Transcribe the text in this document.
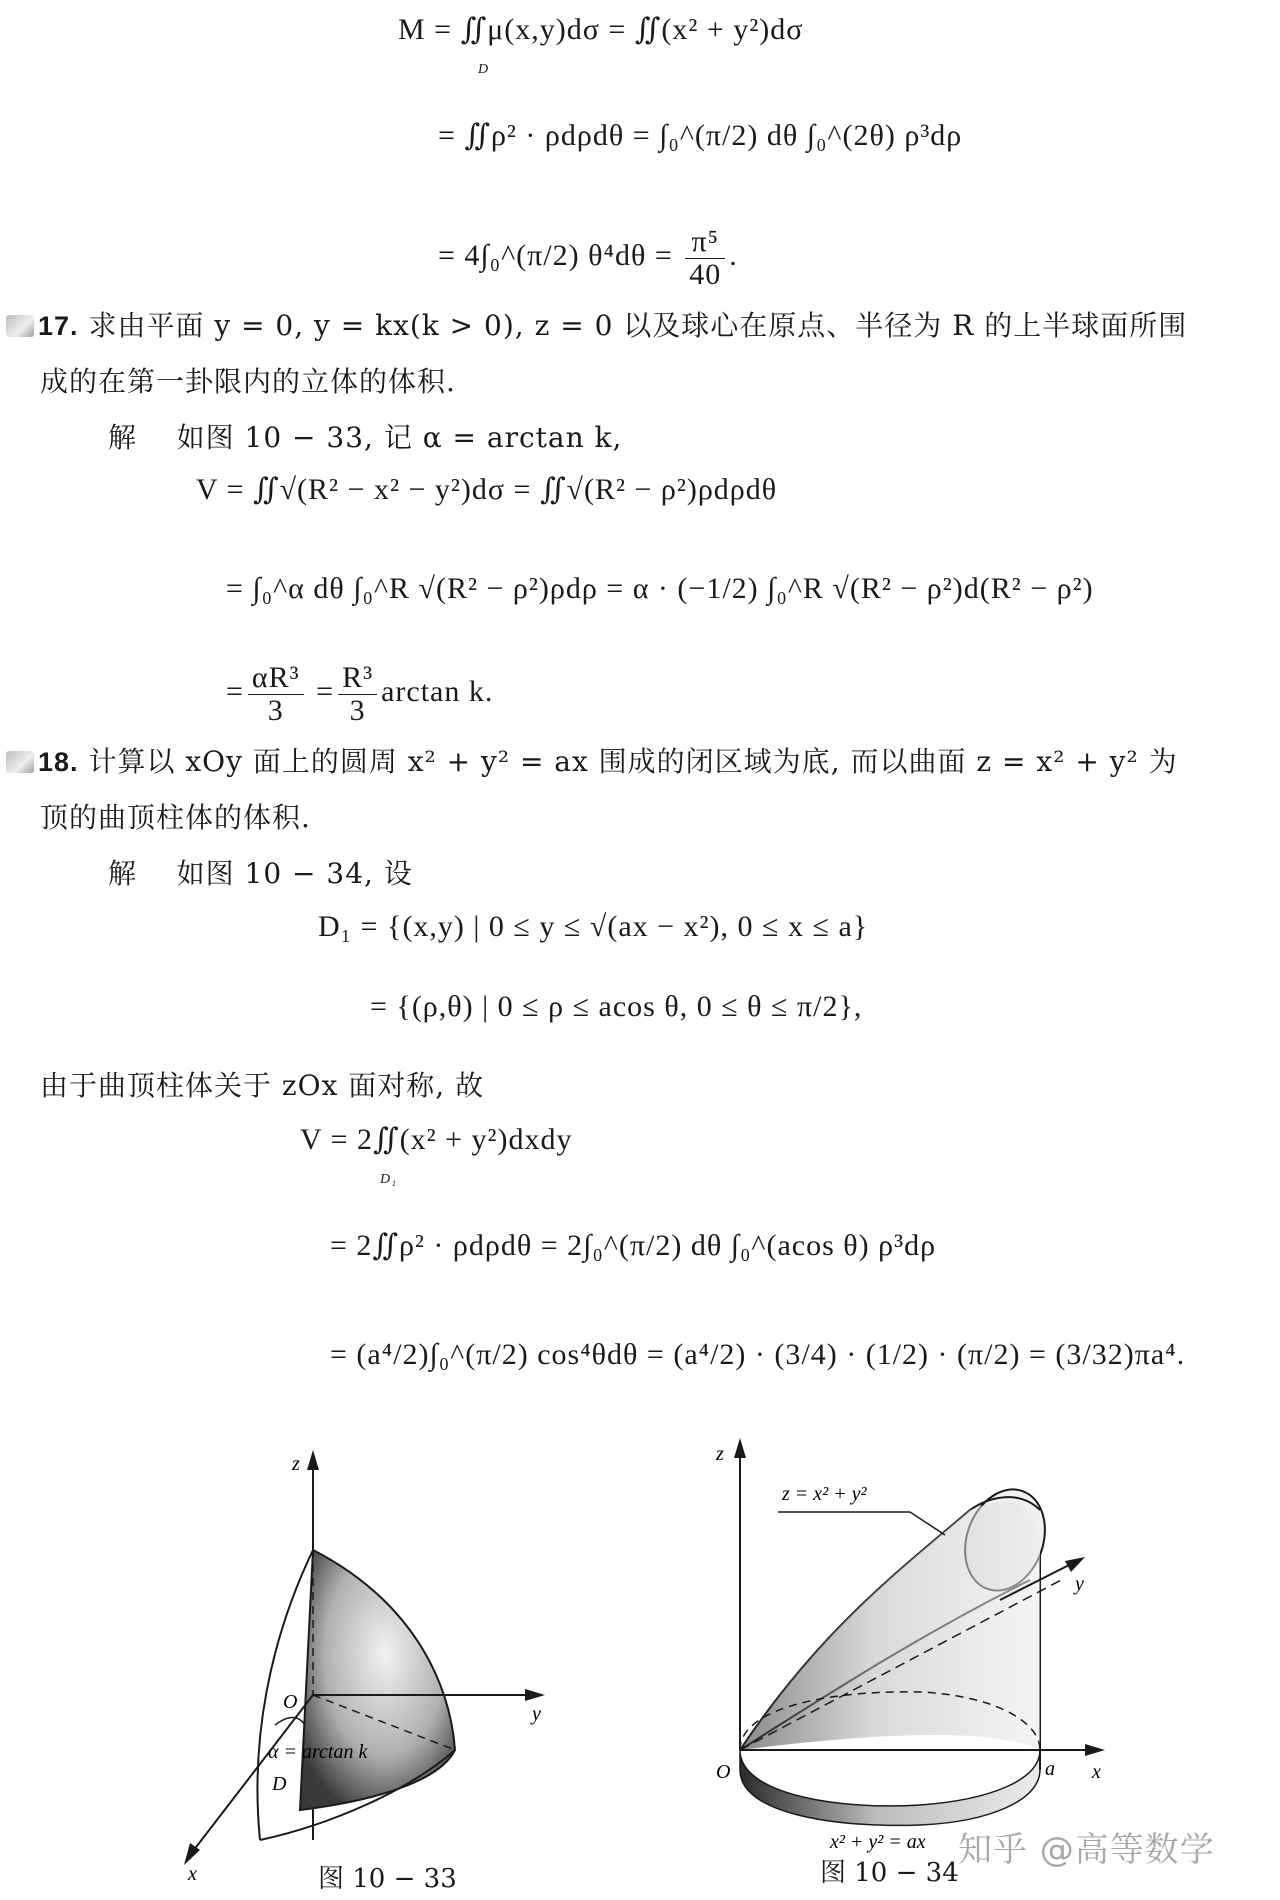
M = ∬μ(x,y)dσ = ∬(x² + y²)dσ
D
= ∬ρ² · ρdρdθ = ∫₀^(π/2) dθ ∫₀^(2θ) ρ³dρ
= 4∫₀^(π/2) $\theta^4d\theta = \frac{\text{π⁵}}{40}$ .
17. 求由平面 y = 0, y = kx(k > 0), z = 0 以及球心在原点、半径为 R 的上半球面所围
成的在第一卦限内的立体的体积.
解 如图 10 − 33, 记 α = arctan k,
V = ∬√(R² − x² − y²)dσ = ∬√(R² − ρ²)ρdρdθ
= ∫₀^α dθ ∫₀^R √(R² − ρ²)ρdρ = α · (−1/2) ∫₀^R √(R² − ρ²)d(R² − ρ²)
= $\frac{\text{αR³}}{3} = \frac{\text{R³}}{3}$ arctan k.
18. 计算以 xOy 面上的圆周 x² + y² = ax 围成的闭区域为底, 而以曲面 z = x² + y² 为
顶的曲顶柱体的体积.
解 如图 10 − 34, 设
D₁ = {(x,y) | 0 ≤ y ≤ √(ax − x²), 0 ≤ x ≤ a}
= {(ρ,θ) | 0 ≤ ρ ≤ acos θ, 0 ≤ θ ≤ π/2},
由于曲顶柱体关于 zOx 面对称, 故
V = 2∬(x² + y²)dxdy
D₁
= 2∬ρ² · ρdρdθ = 2∫₀^(π/2) dθ ∫₀^(acos θ) ρ³dρ
= (a⁴/2)∫₀^(π/2) cos⁴θdθ = (a⁴/2) · (3/4) · (1/2) · (π/2) = (3/32)πa⁴.
O
z
y
x
α = arctan k
D
图 10 − 33
z
z = x² + y²
y
O	a x
x² + y² = ax
图 10 − 34
知乎 @高等数学
